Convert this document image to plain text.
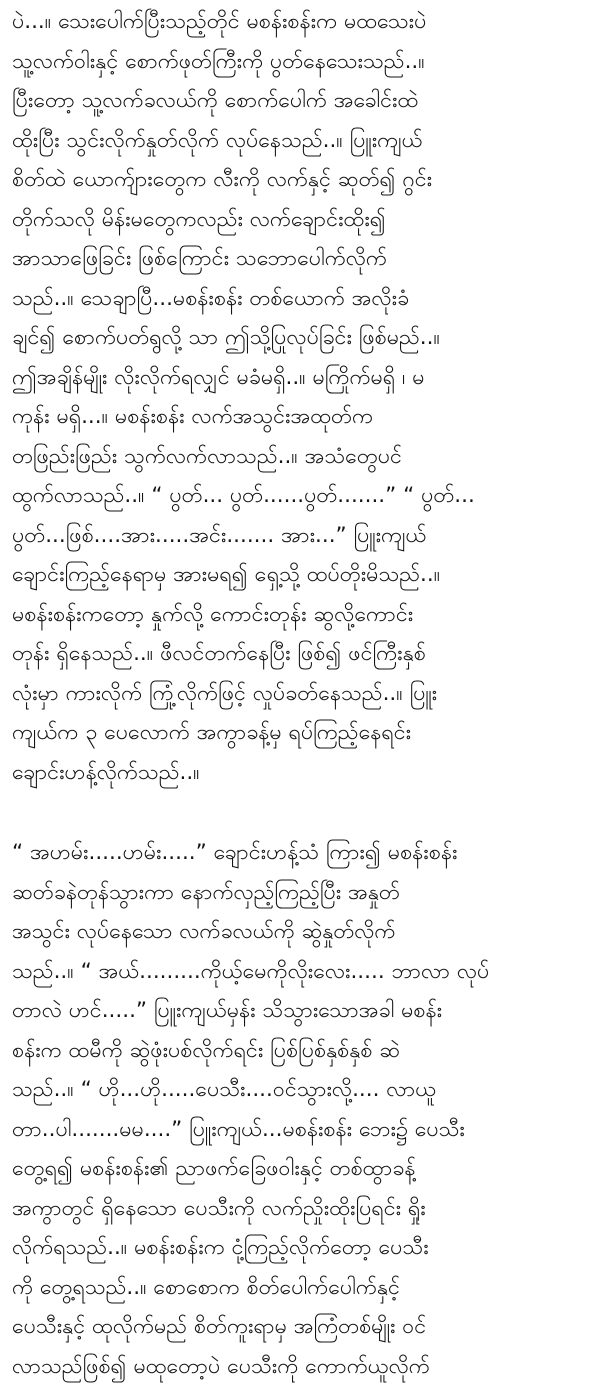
ပဲ...။ သေးပေါက်ပြီးသည့်တိုင် မစန်းစန်းက မထသေးပဲ
သူ့လက်ဝါးနှင့် စောက်ဖုတ်ကြီးကို ပွတ်နေသေးသည်..။
ပြီးတော့ သူ့လက်ခလယ်ကို စောက်ပေါက် အခေါင်းထဲ
ထိုးပြီး သွင်းလိုက်နှုတ်လိုက် လုပ်နေသည်..။ ပြူးကျယ်
စိတ်ထဲ ယောက်ျားတွေက လီးကို လက်နှင့် ဆုတ်၍ ဂွင်း
တိုက်သလို မိန်းမတွေကလည်း လက်ချောင်းထိုး၍
အာသာဖြေခြင်း ဖြစ်ကြောင်း သဘောပေါက်လိုက်
သည်..။ သေချာပြီ...မစန်းစန်း တစ်ယောက် အလိုးခံ
ချင်၍ စောက်ပတ်ရွလို့ သာ ဤသို့ပြုလုပ်ခြင်း ဖြစ်မည်..။
ဤအချိန်မျိုး လိုးလိုက်ရလျှင် မခံမရှိ..။ မကြိုက်မရှိ ၊ မ
ကုန်း မရှိ...။ မစန်းစန်း လက်အသွင်းအထုတ်က
တဖြည်းဖြည်း သွက်လက်လာသည်..။ အသံတွေပင်
ထွက်လာသည်..။ “ ပွတ်... ပွတ်......ပွတ်.......” “ ပွတ်...
ပွတ်...ဖြစ်....အား.....အင်း....... အား...” ပြူးကျယ်
ချောင်းကြည့်နေရာမှ အားမရ၍ ရှေ့သို့ ထပ်တိုးမိသည်..။
မစန်းစန်းကတော့ နှုက်လို့ ကောင်းတုန်း ဆွလို့ကောင်း
တုန်း ရှိနေသည်..။ ဖီလင်တက်နေပြီး ဖြစ်၍ ဖင်ကြီးနှစ်
လုံးမှာ ကားလိုက် ကြုံ့လိုက်ဖြင့် လှုပ်ခတ်နေသည်..။ ပြူး
ကျယ်က ၃ ပေလောက် အကွာခန့်မှ ရပ်ကြည့်နေရင်း
ချောင်းဟန့်လိုက်သည်..။
“ အဟမ်း.....ဟမ်း.....” ချောင်းဟန့်သံ ကြား၍ မစန်းစန်း
ဆတ်ခနဲတုန်သွားကာ နောက်လှည့်ကြည့်ပြီး အနှုတ်
အသွင်း လုပ်နေသော လက်ခလယ်ကို ဆွဲနှုတ်လိုက်
သည်..။ “ အယ်.........ကိုယ့်မေကိုလိုးလေး..... ဘာလာ လုပ်
တာလဲ ဟင်.....” ပြူးကျယ်မှန်း သိသွားသောအခါ မစန်း
စန်းက ထမီကို ဆွဲဖုံးပစ်လိုက်ရင်း ပြစ်ပြစ်နှစ်နှစ် ဆဲ
သည်..။ “ ဟို...ဟို.....ပေသီး....ဝင်သွားလို့.... လာယူ
တာ..ပါ.......မမ....” ပြူးကျယ်...မစန်းစန်း ဘေး၌ ပေသီး
တွေ့ရ၍ မစန်းစန်း၏ ညာဖက်ခြေဖဝါးနှင့် တစ်ထွာခန့်
အကွာတွင် ရှိနေသော ပေသီးကို လက်ညှိုးထိုးပြရင်း ရှိုး
လိုက်ရသည်..။ မစန်းစန်းက ငုံ့ကြည့်လိုက်တော့ ပေသီး
ကို တွေ့ရသည်..။ စောစောက စိတ်ပေါက်ပေါက်နှင့်
ပေသီးနှင့် ထုလိုက်မည် စိတ်ကူးရာမှ အကြံတစ်မျိုး ဝင်
လာသည်ဖြစ်၍ မထုတော့ပဲ ပေသီးကို ကောက်ယူလိုက်
